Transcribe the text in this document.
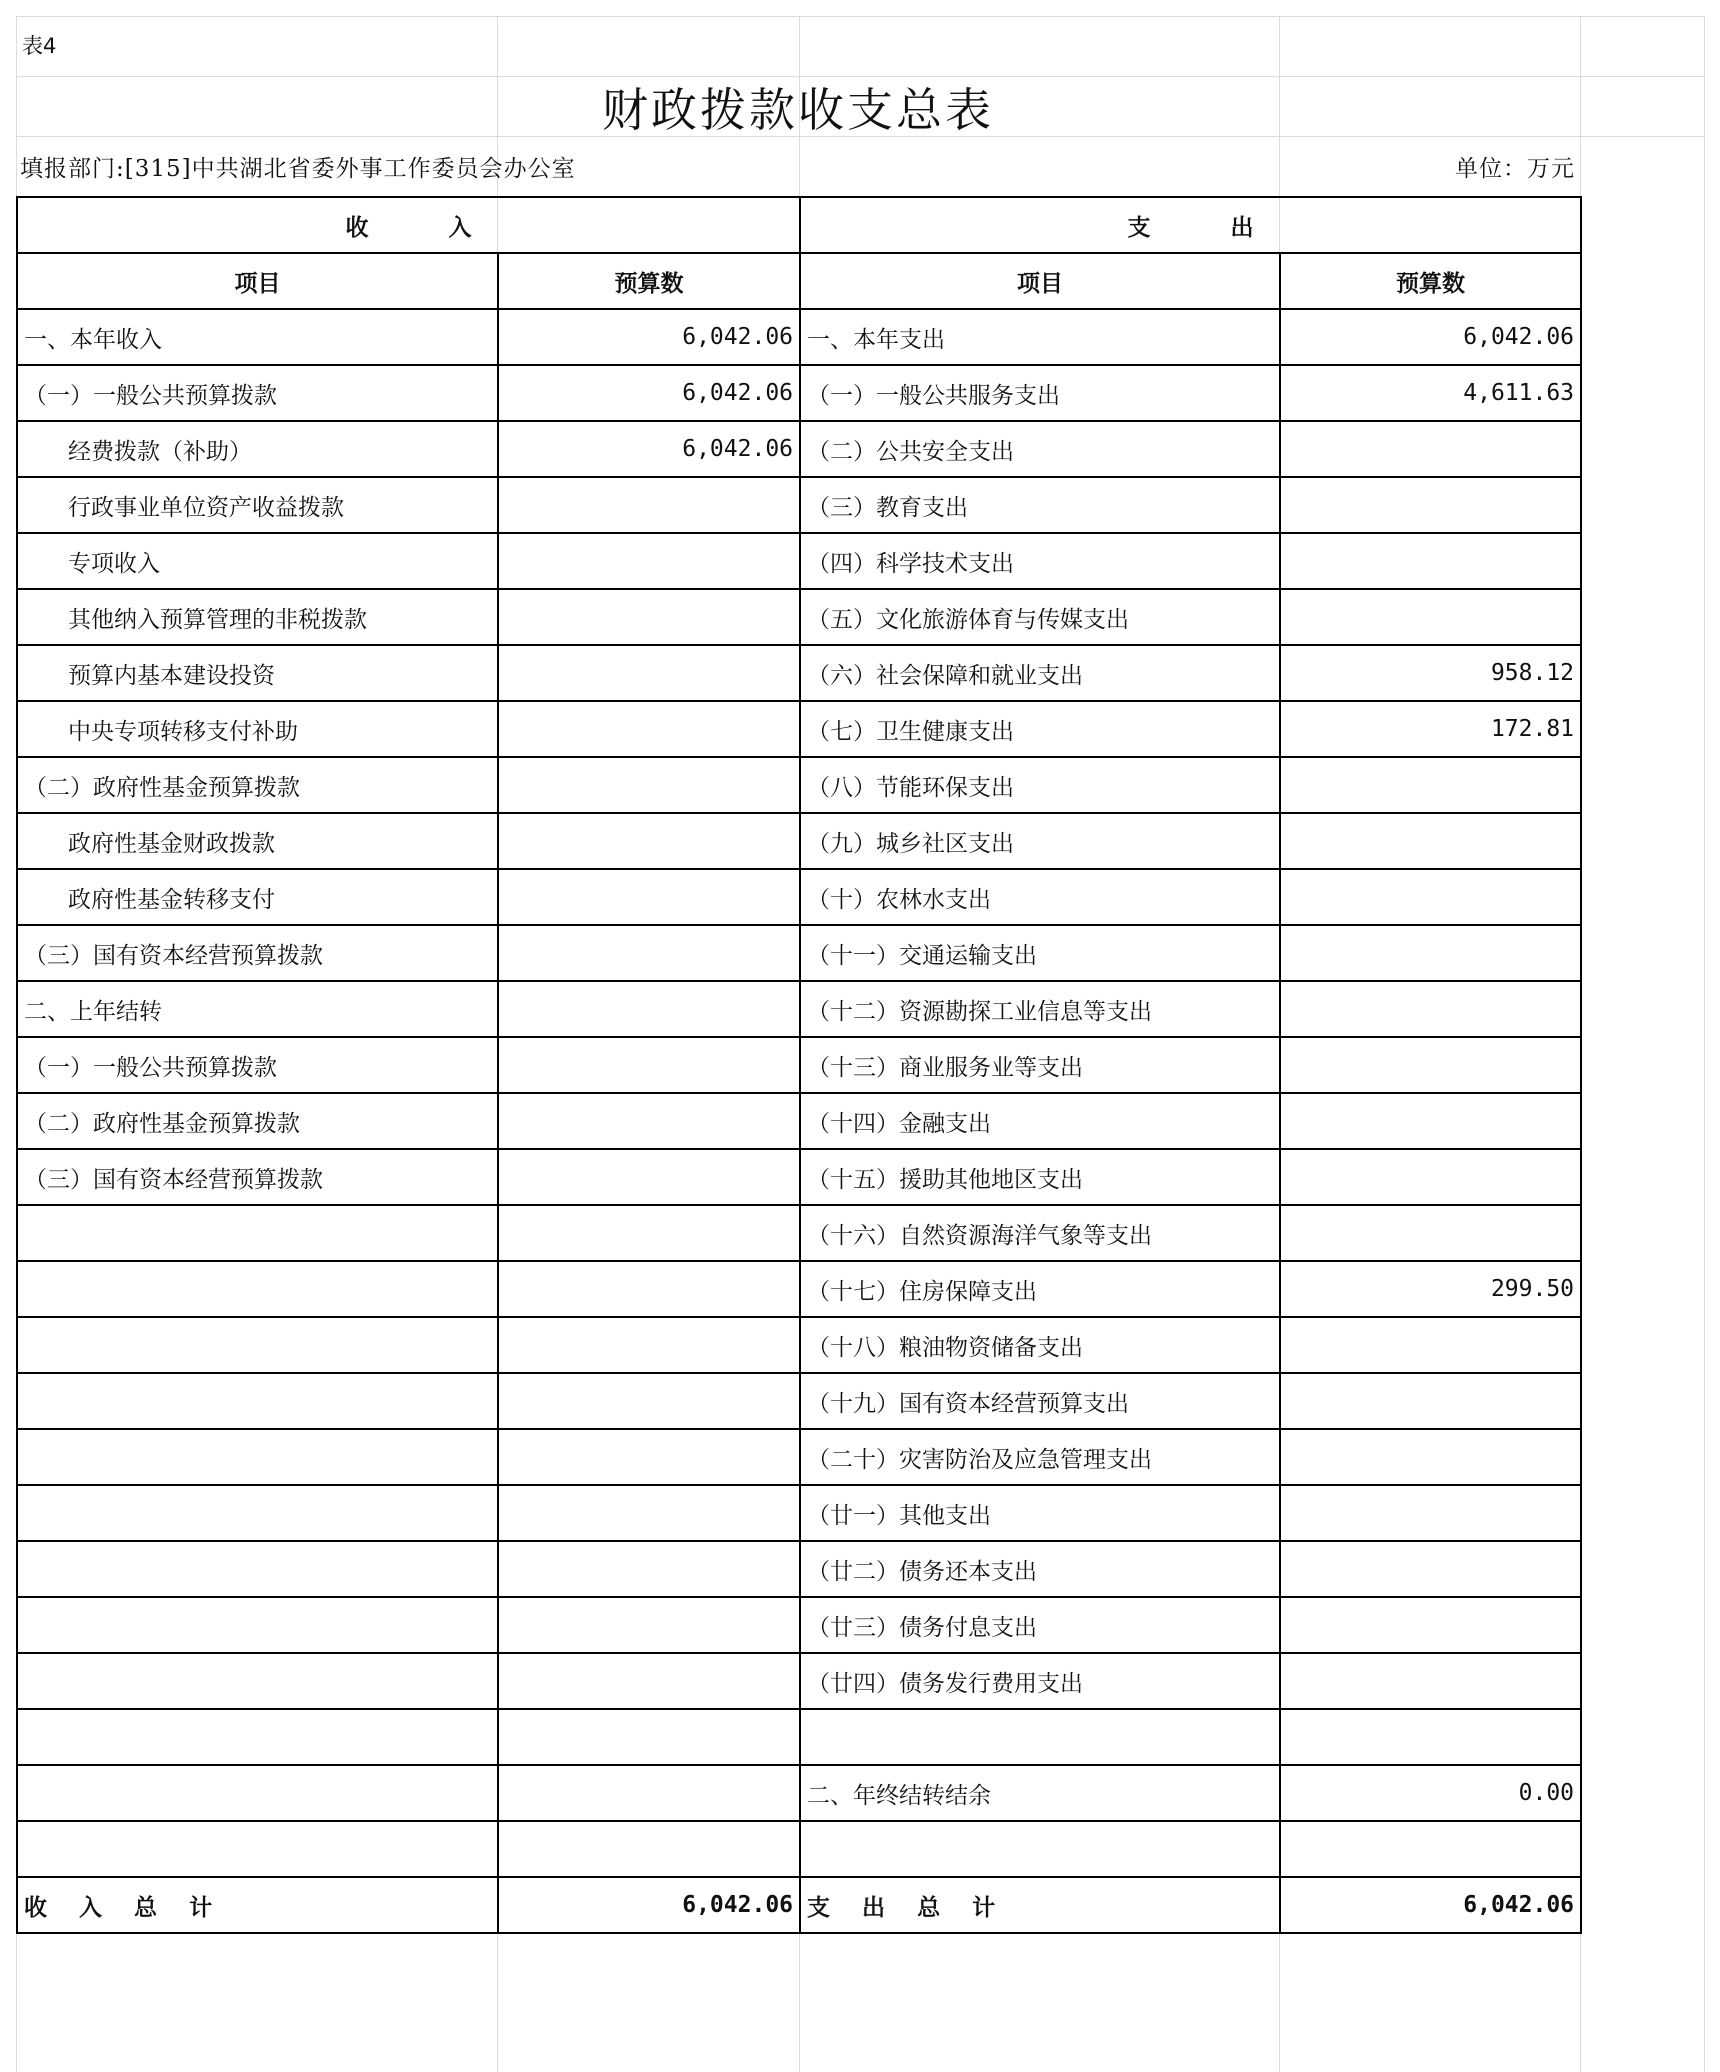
表4
财政拨款收支总表
填报部门:[315]中共湖北省委外事工作委员会办公室	单位：万元
收          入		支          出	
项目	预算数	项目	预算数
一、本年收入	6,042.06	一、本年支出	6,042.06
（一）一般公共预算拨款	6,042.06	（一）一般公共服务支出	4,611.63
经费拨款（补助）	6,042.06	（二）公共安全支出	
行政事业单位资产收益拨款		（三）教育支出	
专项收入		（四）科学技术支出	
其他纳入预算管理的非税拨款		（五）文化旅游体育与传媒支出	
预算内基本建设投资		（六）社会保障和就业支出	958.12
中央专项转移支付补助		（七）卫生健康支出	172.81
（二）政府性基金预算拨款		（八）节能环保支出	
政府性基金财政拨款		（九）城乡社区支出	
政府性基金转移支付		（十）农林水支出	
（三）国有资本经营预算拨款		（十一）交通运输支出	
二、上年结转		（十二）资源勘探工业信息等支出	
（一）一般公共预算拨款		（十三）商业服务业等支出	
（二）政府性基金预算拨款		（十四）金融支出	
（三）国有资本经营预算拨款		（十五）援助其他地区支出	
		（十六）自然资源海洋气象等支出	
		（十七）住房保障支出	299.50
		（十八）粮油物资储备支出	
		（十九）国有资本经营预算支出	
		（二十）灾害防治及应急管理支出	
		（廿一）其他支出	
		（廿二）债务还本支出	
		（廿三）债务付息支出	
		（廿四）债务发行费用支出	

		二、年终结转结余	0.00

收    入    总    计	6,042.06	支    出    总    计	6,042.06
